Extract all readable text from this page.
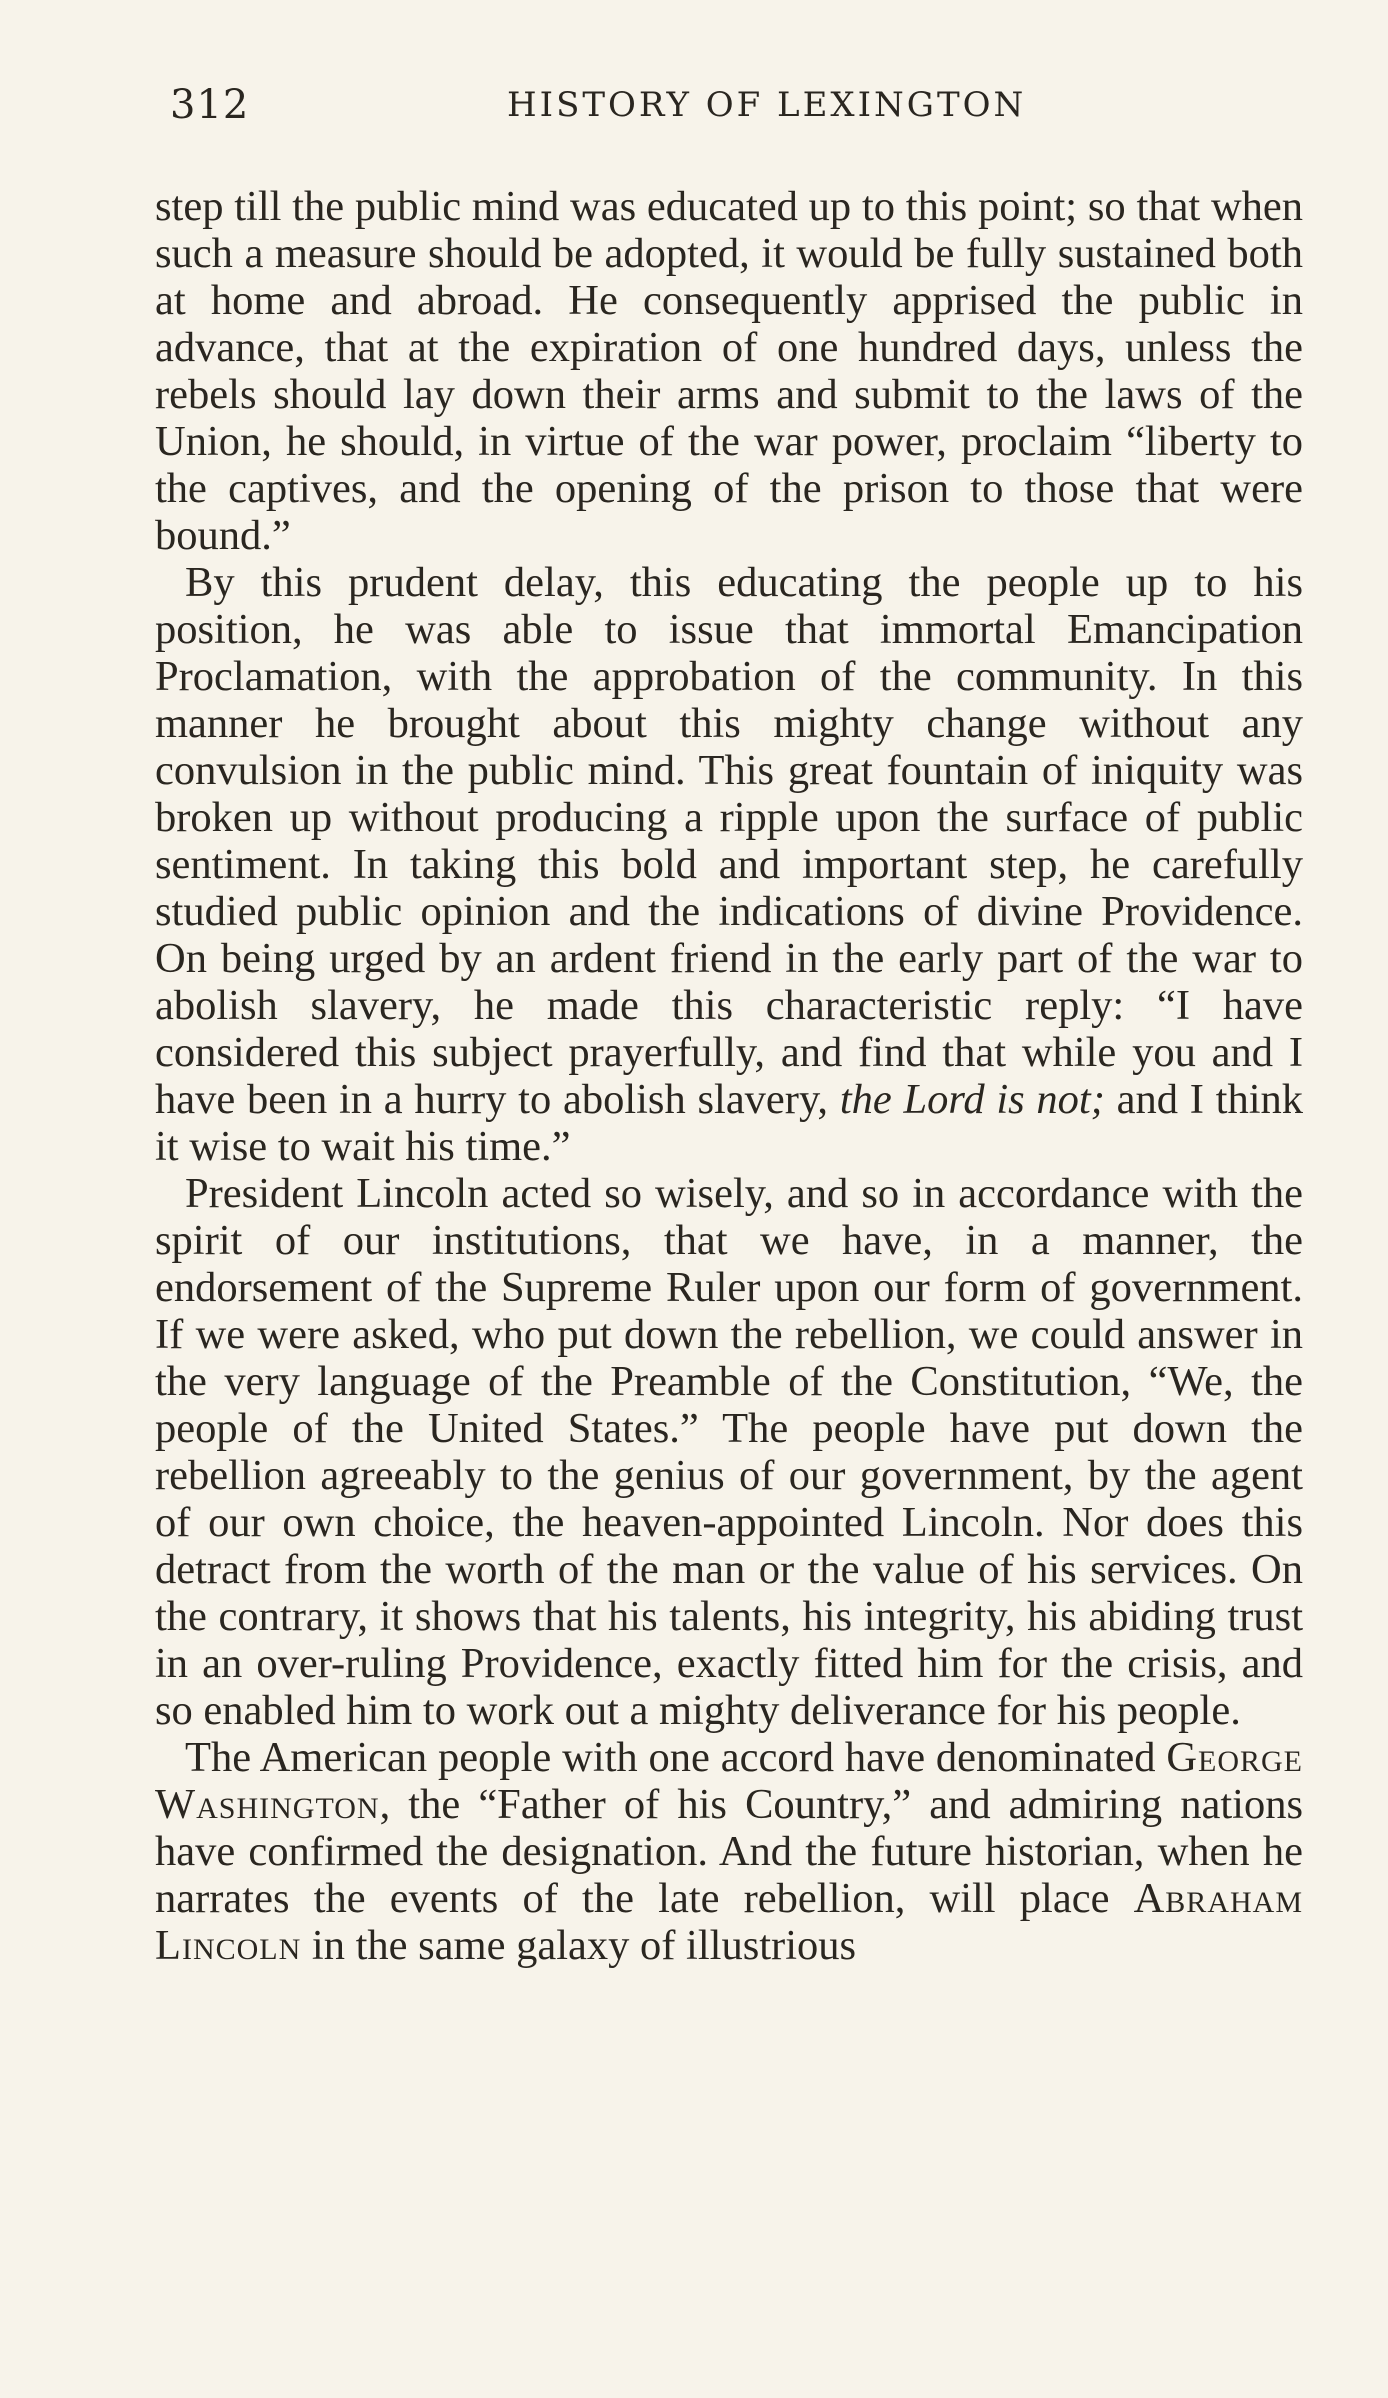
312	HISTORY OF LEXINGTON

step till the public mind was educated up to this point; so that when such a measure should be adopted, it would be fully sustained both at home and abroad. He consequently apprised the public in advance, that at the expiration of one hundred days, unless the rebels should lay down their arms and submit to the laws of the Union, he should, in virtue of the war power, proclaim “liberty to the captives, and the opening of the prison to those that were bound.”

By this prudent delay, this educating the people up to his position, he was able to issue that immortal Emancipation Proclamation, with the approbation of the community. In this manner he brought about this mighty change without any convulsion in the public mind. This great fountain of iniquity was broken up without producing a ripple upon the surface of public sentiment. In taking this bold and important step, he carefully studied public opinion and the indications of divine Providence. On being urged by an ardent friend in the early part of the war to abolish slavery, he made this characteristic reply: “I have considered this subject prayerfully, and find that while you and I have been in a hurry to abolish slavery, the Lord is not; and I think it wise to wait his time.”

President Lincoln acted so wisely, and so in accordance with the spirit of our institutions, that we have, in a manner, the endorsement of the Supreme Ruler upon our form of government. If we were asked, who put down the rebellion, we could answer in the very language of the Preamble of the Constitution, “We, the people of the United States.” The people have put down the rebellion agreeably to the genius of our government, by the agent of our own choice, the heaven-appointed Lincoln. Nor does this detract from the worth of the man or the value of his services. On the contrary, it shows that his talents, his integrity, his abiding trust in an over-ruling Providence, exactly fitted him for the crisis, and so enabled him to work out a mighty deliverance for his people.

The American people with one accord have denominated George Washington, the “Father of his Country,” and admiring nations have confirmed the designation. And the future historian, when he narrates the events of the late rebellion, will place Abraham Lincoln in the same galaxy of illustrious
